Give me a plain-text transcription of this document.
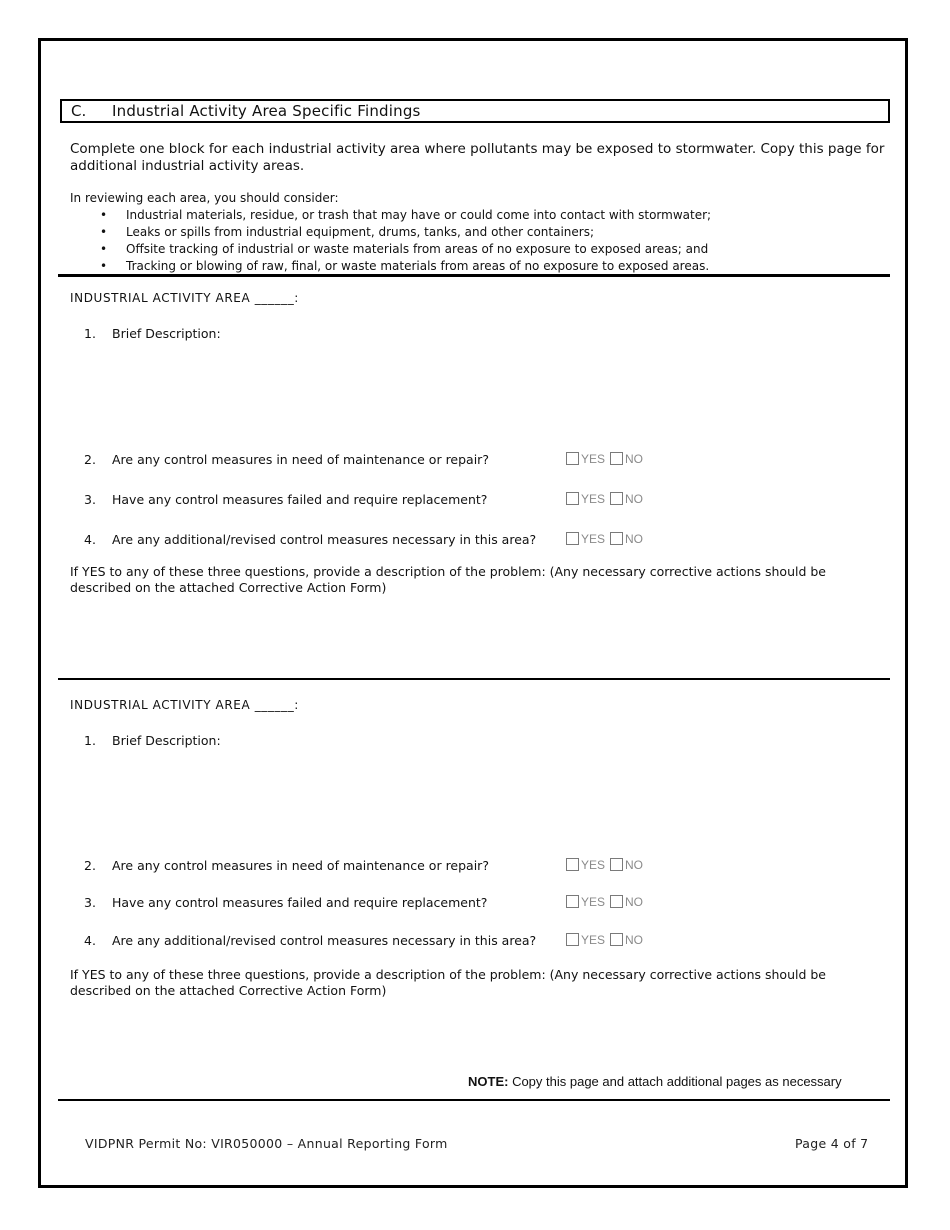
C. Industrial Activity Area Specific Findings
Complete one block for each industrial activity area where pollutants may be exposed to stormwater. Copy this page for additional industrial activity areas.
In reviewing each area, you should consider:
• Industrial materials, residue, or trash that may have or could come into contact with stormwater;
• Leaks or spills from industrial equipment, drums, tanks, and other containers;
• Offsite tracking of industrial or waste materials from areas of no exposure to exposed areas; and
• Tracking or blowing of raw, final, or waste materials from areas of no exposure to exposed areas.
INDUSTRIAL ACTIVITY AREA ______:
1. Brief Description:
2. Are any control measures in need of maintenance or repair?	YES NO
3. Have any control measures failed and require replacement?	YES NO
4. Are any additional/revised control measures necessary in this area?	YES NO
If YES to any of these three questions, provide a description of the problem: (Any necessary corrective actions should be described on the attached Corrective Action Form)
INDUSTRIAL ACTIVITY AREA ______:
1. Brief Description:
2. Are any control measures in need of maintenance or repair?	YES NO
3. Have any control measures failed and require replacement?	YES NO
4. Are any additional/revised control measures necessary in this area?	YES NO
If YES to any of these three questions, provide a description of the problem: (Any necessary corrective actions should be described on the attached Corrective Action Form)
NOTE: Copy this page and attach additional pages as necessary
VIDPNR Permit No: VIR050000 – Annual Reporting Form	Page 4 of 7
